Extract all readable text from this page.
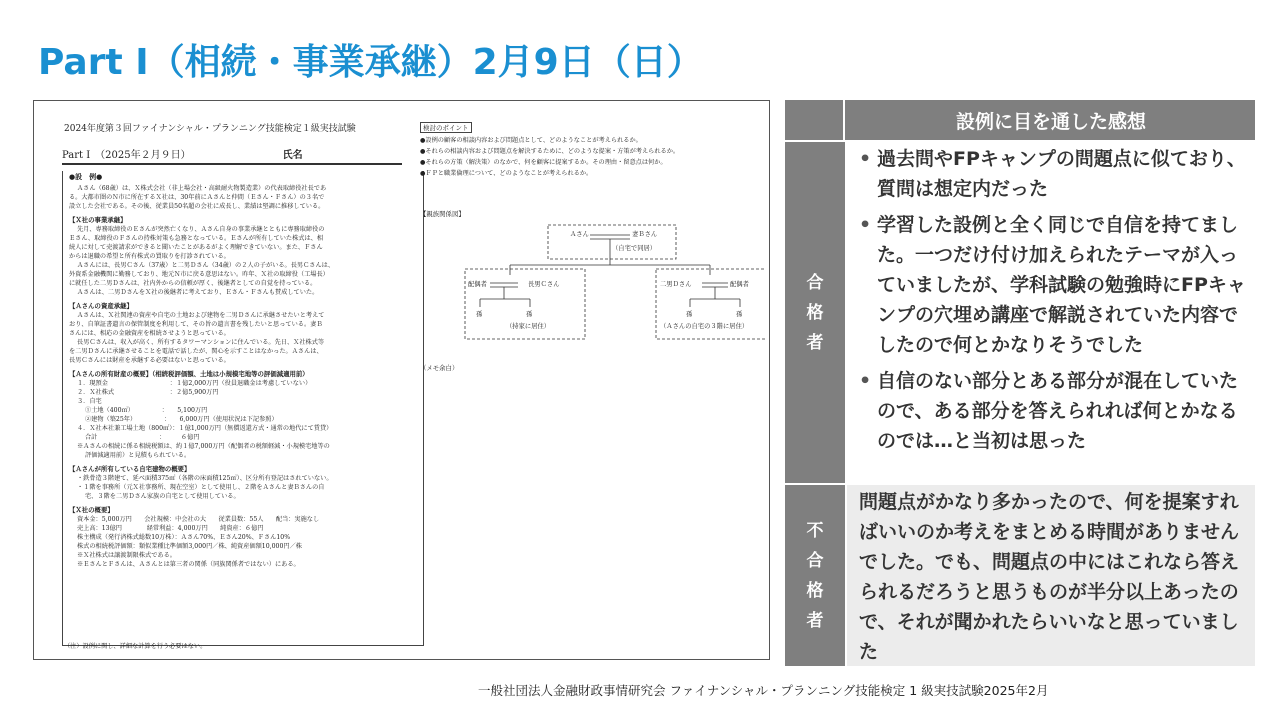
Part Ⅰ（相続・事業承継）2月9日（日）
2024年度第３回ファイナンシャル・プランニング技能検定１級実技試験
Part Ⅰ　（2025年２月９日）	氏名
●設　例●
Ａさん（68歳）は、Ｘ株式会社（非上場会社・高級耐火物製造業）の代表取締役社長であ
る。大都市圏のＮ市に所在するＸ社は、30年前にＡさんと仲間（Ｅさん・Ｆさん）の３名で
設立した会社である。その後、従業員50名超の会社に成長し、業績は堅調に推移している。
【Ｘ社の事業承継】
先月、専務取締役のＥさんが突然亡くなり、Ａさん自身の事業承継とともに専務取締役の
Ｅさん、取締役のＦさんの持株対策も急務となっている。Ｅさんが所有していた株式は、相
続人に対して売渡請求ができると聞いたことがあるがよく理解できていない。また、Ｆさん
からは退職の希望と所有株式の買取りを打診されている。
Ａさんには、長男Ｃさん（37歳）と二男Ｄさん（34歳）の２人の子がいる。長男Ｃさんは、
外資系金融機関に勤務しており、地元Ｎ市に戻る意思はない。昨年、Ｘ社の取締役（工場長）
に就任した二男Ｄさんは、社内外からの信頼が厚く、後継者としての自覚を持っている。
Ａさんは、二男ＤさんをＸ社の後継者に考えており、Ｅさん・Ｆさんも賛成していた。
【Ａさんの資産承継】
Ａさんは、Ｘ社関連の資産や自宅の土地および建物を二男Ｄさんに承継させたいと考えて
おり、自筆証書遺言の保管制度を利用して、その旨の遺言書を残したいと思っている。妻Ｂ
さんには、相応の金融資産を相続させようと思っている。
長男Ｃさんは、収入が高く、所有するタワーマンションに住んでいる。先日、Ｘ社株式等
を二男Ｄさんに承継させることを電話で話したが、関心を示すことはなかった。Ａさんは、
長男Ｃさんには財産を承継する必要はないと思っている。
【Ａさんの所有財産の概要】（相続税評価額、土地は小規模宅地等の評価減適用前）
１．現預金　　　　　　　　　　：１億2,000万円（役員退職金は考慮していない）
２．Ｘ社株式　　　　　　　　　：２億5,900万円
３．自宅
①土地（400㎡）　　　　　：　　5,100万円
②建物（築25年）　　　　　：　　6,000万円（使用状況は下記参照）
４．Ｘ社本社兼工場土地（800㎡）：１億1,000万円（無償返還方式・通常の地代にて賃貸）
合計　　　　　　　　　　：　　　６億円
※Ａさんの相続に係る相続税額は、約１億7,000万円（配偶者の税額軽減・小規模宅地等の
評価減適用前）と見積もられている。
【Ａさんが所有している自宅建物の概要】
・鉄骨造３階建て、延べ面積375㎡（各階の床面積125㎡）、区分所有登記はされていない。
・１階を事務所（元Ｘ社事務所、現在空室）として使用し、２階をＡさんと妻Ｂさんの自
宅、３階を二男Ｄさん家族の自宅として使用している。
【Ｘ社の概要】
資本金：5,000万円　　会社規模：中会社の大　　従業員数：55人　　配当：実施なし
売上高：13億円　　　　経常利益：4,000万円　　純資産：６億円
株主構成（発行済株式総数10万株）：Ａさん70%、Ｅさん20%、Ｆさん10%
株式の相続税評価額：類似業種比準価額3,000円／株、純資産価額10,000円／株
※Ｘ社株式は譲渡制限株式である。
※ＥさんとＦさんは、Ａさんとは第三者の関係（同族関係者ではない）にある。
（注）設例に関し、詳細な計算を行う必要はない。
検討のポイント
●設例の顧客の相談内容および問題点として、どのようなことが考えられるか。
●それらの相談内容および問題点を解決するために、どのような提案・方策が考えられるか。
●それらの方策（解決策）のなかで、何を顧客に提案するか。その理由・留意点は何か。
●ＦＰと職業倫理について、どのようなことが考えられるか。
【親族関係図】
Ａさん	妻Ｂさん
（自宅で同居）
配偶者	長男Ｃさん	二男Ｄさん	配偶者
孫	孫	孫	孫
（持家に居住）	（Ａさんの自宅の３階に居住）
（メモ余白）
設例に目を通した感想
合格者
• 過去問やFPキャンプの問題点に似ており、質問は想定内だった
• 学習した設例と全く同じで自信を持てました。一つだけ付け加えられたテーマが入っていましたが、学科試験の勉強時にFPキャンプの穴埋め講座で解説されていた内容でしたので何とかなりそうでした
• 自信のない部分とある部分が混在していたので、ある部分を答えられれば何とかなるのでは…と当初は思った
不合格者
問題点がかなり多かったので、何を提案すればいいのか考えをまとめる時間がありませんでした。でも、問題点の中にはこれなら答えられるだろうと思うものが半分以上あったので、それが聞かれたらいいなと思っていました
一般社団法人金融財政事情研究会 ファイナンシャル・プランニング技能検定 1 級実技試験2025年2月
